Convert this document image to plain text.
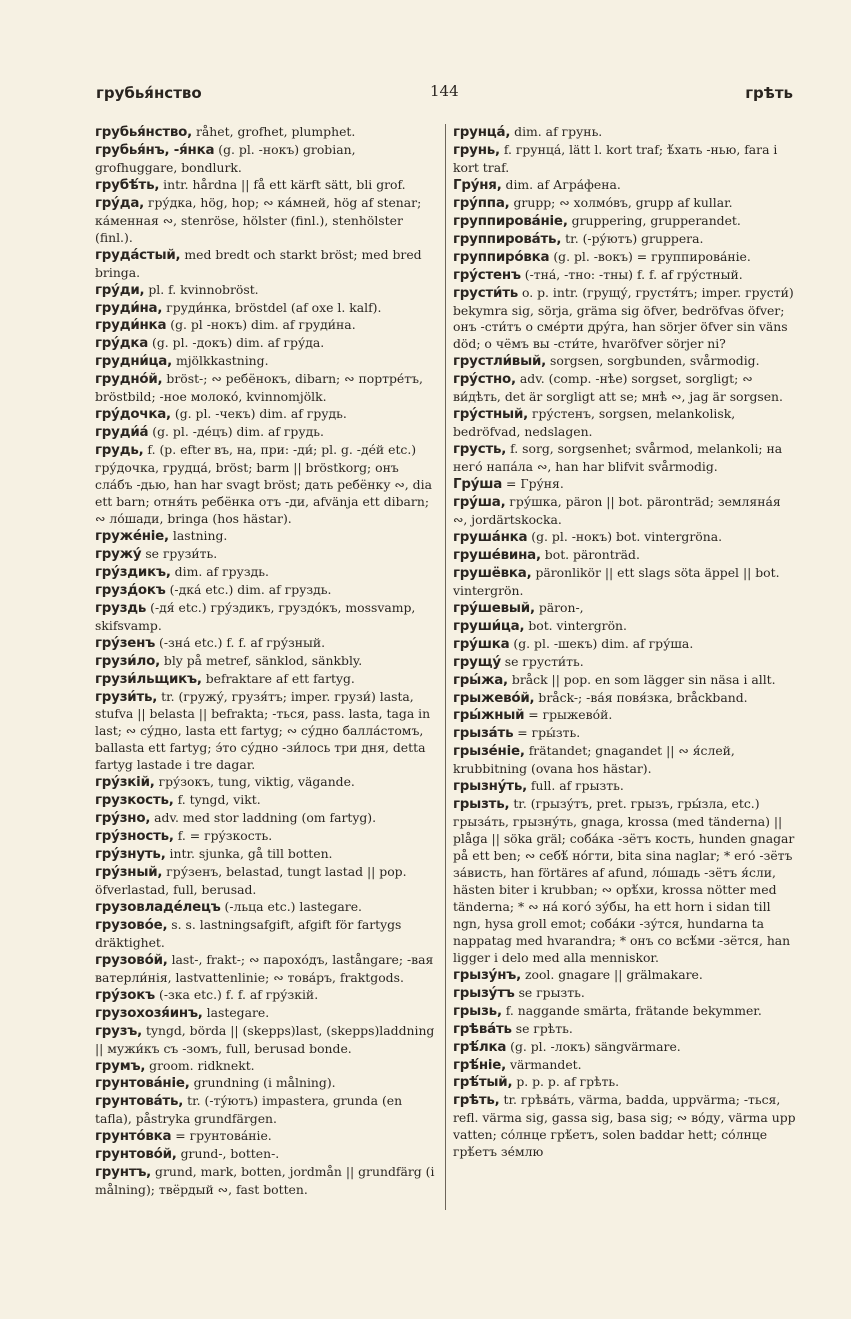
грубья́нство	144	грѣть

грубья́нство, råhet, grofhet, plumphet.

грубья́нъ, -я́нка (g. pl. -нокъ) grobian, grofhuggare, bondlurk.

грубѣ́ть, intr. hårdna || få ett kärft sätt, bli grof.

гру́да, гру́дка, hög, hop; ∾ ка́мней, hög af stenar; ка́менная ∾, stenröse, hölster (finl.), stenhölster (finl.).

груда́стый, med bredt och starkt bröst; med bred bringa.

гру́ди, pl. f. kvinnobröst.

груди́на, груди́нка, bröstdel (af oxe l. kalf).

груди́нка (g. pl -нокъ) dim. af груди́на.

гру́дка (g. pl. -докъ) dim. af гру́да.

грудни́ца, mjölkkastning.

грудно́й, bröst-; ∾ ребёнокъ, dibarn; ∾ портре́тъ, bröstbild; -ное молоко́, kvinnomjölk.

гру́дочка, (g. pl. -чекъ) dim. af грудь.

груди́а́ (g. pl. -дéцъ) dim. af грудь.

грудь, f. (p. efter въ, на, при: -ди́; pl. g. -дéй etc.) гру́дочка, грудца́, bröst; barm || bröstkorg; онъ сла́бъ -дью, han har svagt bröst; дать ребёнку ∾, dia ett barn; отня́ть ребёнка отъ -ди, afvänja ett dibarn; ∾ ло́шади, bringa (hos hästar).

груже́ніе, lastning.

гружу́ se грузи́ть.

гру́здикъ, dim. af груздь.

грузд́окъ (-дка́ etc.) dim. af груздь.

груздь (-дя́ etc.) гру́здикъ, груздо́къ, mossvamp, skifsvamp.

гру́зенъ (-зна́ etc.) f. f. af гру́зный.

грузи́ло, bly på metref, sänklod, sänkbly.

грузи́льщикъ, befraktare af ett fartyg.

грузи́ть, tr. (гружу́, грузя́тъ; imper. грузи́) lasta, stufva || belasta || befrakta; -ться, pass. lasta, taga in last; ∾ су́дно, lasta ett fartyg; ∾ су́дно балла́стомъ, ballasta ett fartyg; э́то су́дно -зи́лось три дня, detta fartyg lastade i tre dagar.

гру́зкій, гру́зокъ, tung, viktig, vägande.

грузкость, f. tyngd, vikt.

гру́зно, adv. med stor laddning (om fartyg).

гру́зность, f. = гру́зкость.

гру́знуть, intr. sjunka, gå till botten.

гру́зный, гру́зенъ, belastad, tungt lastad || pop. öfverlastad, full, berusad.

грузовладе́лецъ (-льца etc.) lastegare.

грузово́е, s. s. lastningsafgift, afgift för fartygs dräktighet.

грузово́й, last-, frakt-; ∾ парохо́дъ, lastångare; -вая ватерли́нія, lastvattenlinie; ∾ това́ръ, fraktgods.

гру́зокъ (-зка etc.) f. f. af гру́зкій.

грузохозя́инъ, lastegare.

грузъ, tyngd, börda || (skepps)last, (skepps)laddning || мужи́къ съ -зомъ, full, berusad bonde.

грумъ, groom. ridknekt.

грунтова́ніе, grundning (i målning).

грунтова́ть, tr. (-ту́ютъ) impastera, grunda (en tafla), påstryka grundfärgen.

грунто́вка = грунтова́ніе.

грунтово́й, grund-, botten-.

грунтъ, grund, mark, botten, jordmån || grundfärg (i målning); твёрдый ∾, fast botten.

грунца́, dim. af грунь.

грунь, f. грунца́, lätt l. kort traf; ѣ́хать -нью, fara i kort traf.

Гру́ня, dim. af Агра́фена.

гру́ппа, grupp; ∾ холмо́въ, grupp af kullar.

группирова́ніе, gruppering, grupperandet.

группирова́ть, tr. (-ру́ютъ) gruppera.

группиро́вка (g. pl. -вокъ) = группирова́ніе.

гру́стенъ (-тна́, -тно: -тны) f. f. af гру́стный.

грусти́ть o. p. intr. (грущу́, грустя́тъ; imper. грусти́) bekymra sig, sörja, gräma sig öfver, bedröfvas öfver; онъ -сти́тъ о сме́рти дру́га, han sörjer öfver sin väns död; о чёмъ вы -сти́те, hvaröfver sörjer ni?

грустли́вый, sorgsen, sorgbunden, svårmodig.

гру́стно, adv. (comp. -нѣе) sorgset, sorgligt; ∾ ви́дѣть, det är sorgligt att se; мнѣ ∾, jag är sorgsen.

гру́стный, гру́стенъ, sorgsen, melankolisk, bedröfvad, nedslagen.

грусть, f. sorg, sorgsenhet; svårmod, melankoli; на него́ напа́ла ∾, han har blifvit svårmodig.

Гру́ша = Гру́ня.

гру́ша, гру́шка, päron || bot. päronträd; земляна́я ∾, jordärtskocka.

груша́нка (g. pl. -нокъ) bot. vintergröna.

груше́вина, bot. päronträd.

грушёвка, päronlikör || ett slags söta äppel || bot. vintergrön.

гру́шевый, päron-,

груши́ца, bot. vintergrön.

гру́шка (g. pl. -шекъ) dim. af гру́ша.

грущу́ se грусти́ть.

гры́жа, bråck || pop. en som lägger sin näsa i allt.

грыжево́й, bråck-; -ва́я повя́зка, bråckband.

гры́жный = грыжево́й.

грыза́ть = гры́зть.

грызе́ніе, frätandet; gnagandet || ∾ я́слей, krubbitning (ovana hos hästar).

грызну́ть, full. af грызть.

грызть, tr. (грызу́тъ, pret. грызъ, гры́зла, etc.) грыза́ть, грызну́ть, gnaga, krossa (med tänderna) || plåga || söka gräl; соба́ка -зётъ кость, hunden gnagar på ett ben; ∾ себѣ́ но́гти, bita sina naglar; * его́ -зётъ за́висть, han förtäres af afund, ло́шадь -зётъ я́сли, hästen biter i krubban; ∾ орѣ́хи, krossa nötter med tänderna; * ∾ на́ кого́ зу́бы, ha ett horn i sidan till ngn, hysa groll emot; соба́ки -зу́тся, hundarna ta nappatag med hvarandra; * онъ со всѣ́ми -зётся, han ligger i delo med alla menniskor.

грызу́нъ, zool. gnagare || grälmakare.

грызу́тъ se грызть.

грызь, f. naggande smärta, frätande bekymmer.

грѣва́ть se грѣть.

грѣ́лка (g. pl. -локъ) sängvärmare.

грѣ́ніе, värmandet.

грѣ́тый, p. p. p. af грѣть.

грѣть, tr. грѣва́ть, värma, badda, uppvärma; -ться, refl. värma sig, gassa sig, basa sig; ∾ во́ду, värma upp vatten; со́лнце грѣ́етъ, solen baddar hett; со́лнце грѣ́етъ зе́млю
